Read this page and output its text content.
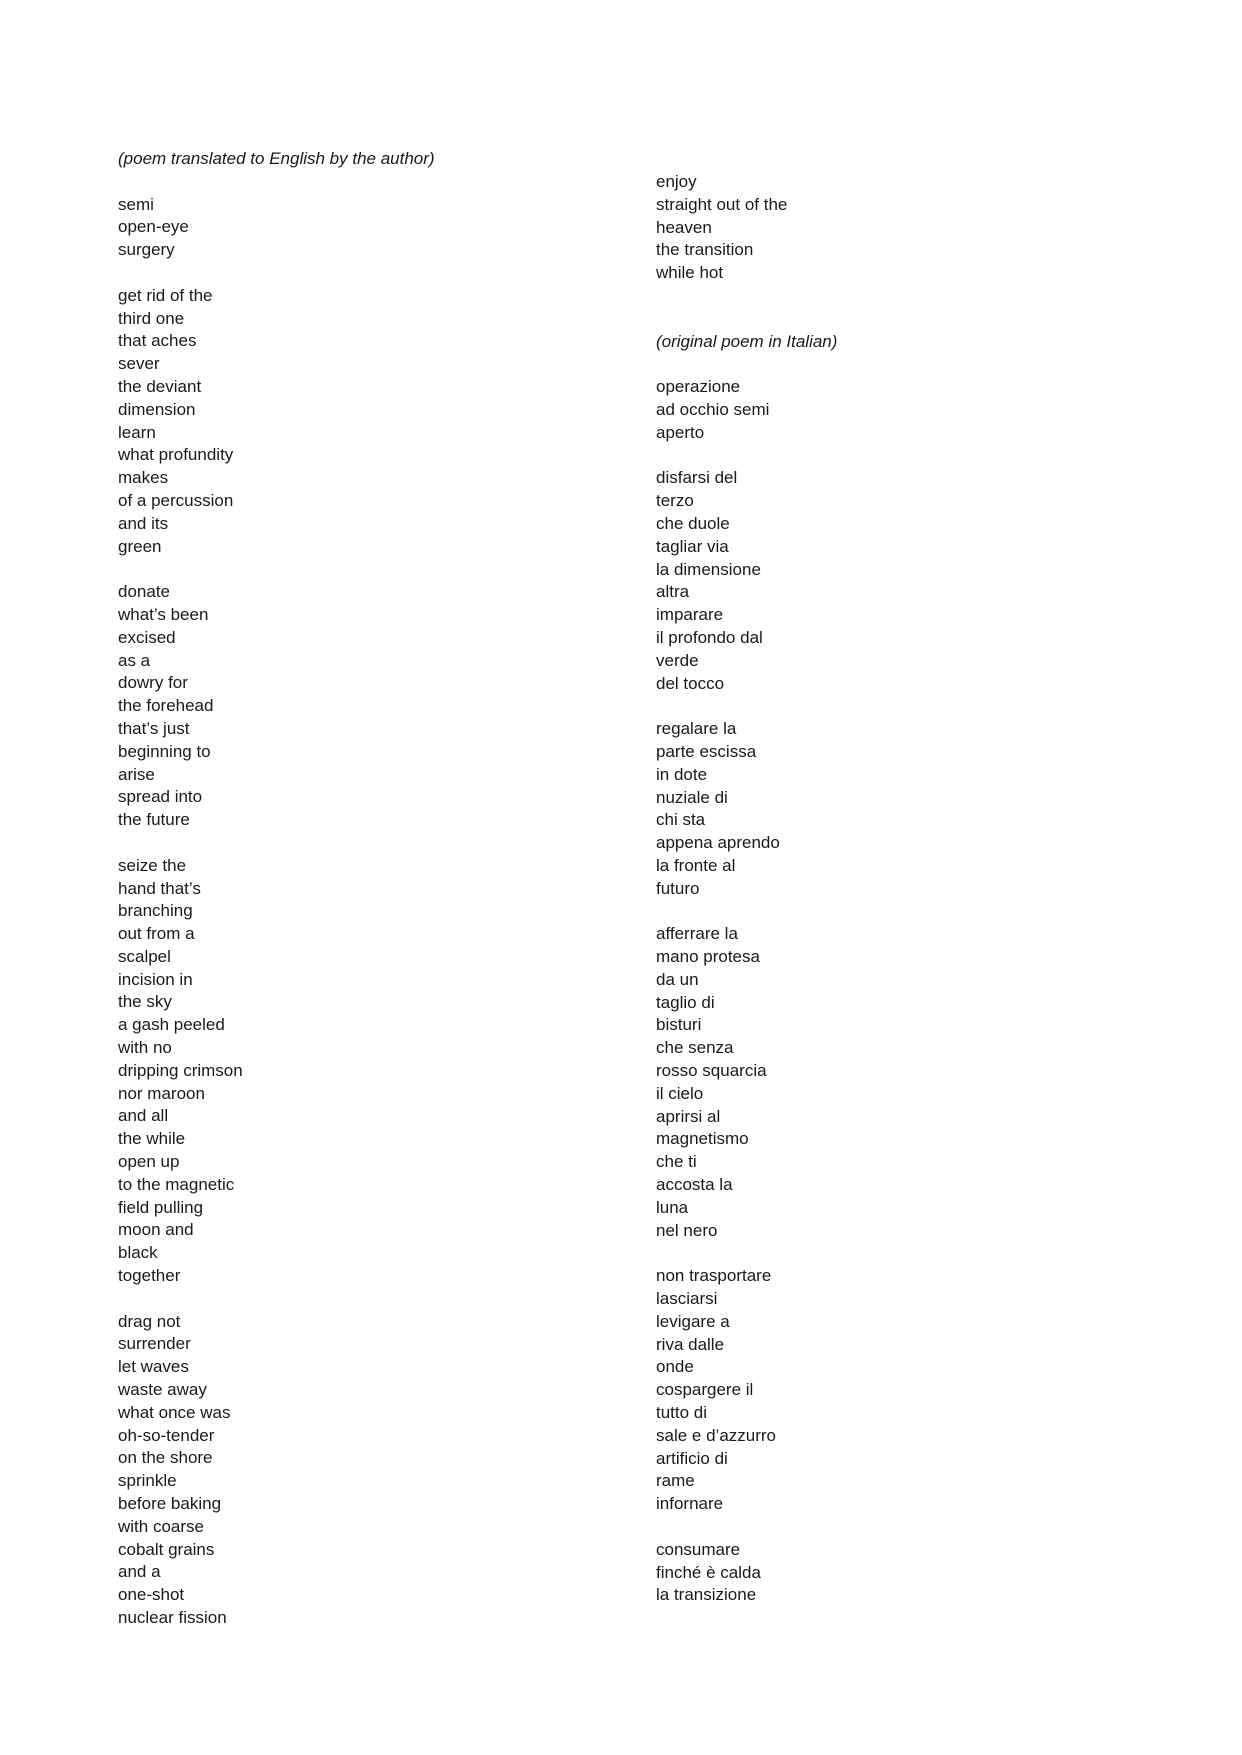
(poem translated to English by the author)
semi
open-eye
surgery
get rid of the
third one
that aches
sever
the deviant
dimension
learn
what profundity
makes
of a percussion
and its
green
donate
what’s been
excised
as a
dowry for
the forehead
that’s just
beginning to
arise
spread into
the future
seize the
hand that’s
branching
out from a
scalpel
incision in
the sky
a gash peeled
with no
dripping crimson
nor maroon
and all
the while
open up
to the magnetic
field pulling
moon and
black
together
drag not
surrender
let waves
waste away
what once was
oh-so-tender
on the shore
sprinkle
before baking
with coarse
cobalt grains
and a
one-shot
nuclear fission
enjoy
straight out of the
heaven
the transition
while hot
(original poem in Italian)
operazione
ad occhio semi
aperto
disfarsi del
terzo
che duole
tagliar via
la dimensione
altra
imparare
il profondo dal
verde
del tocco
regalare la
parte escissa
in dote
nuziale di
chi sta
appena aprendo
la fronte al
futuro
afferrare la
mano protesa
da un
taglio di
bisturi
che senza
rosso squarcia
il cielo
aprirsi al
magnetismo
che ti
accosta la
luna
nel nero
non trasportare
lasciarsi
levigare a
riva dalle
onde
cospargere il
tutto di
sale e d’azzurro
artificio di
rame
infornare
consumare
finché è calda
la transizione
